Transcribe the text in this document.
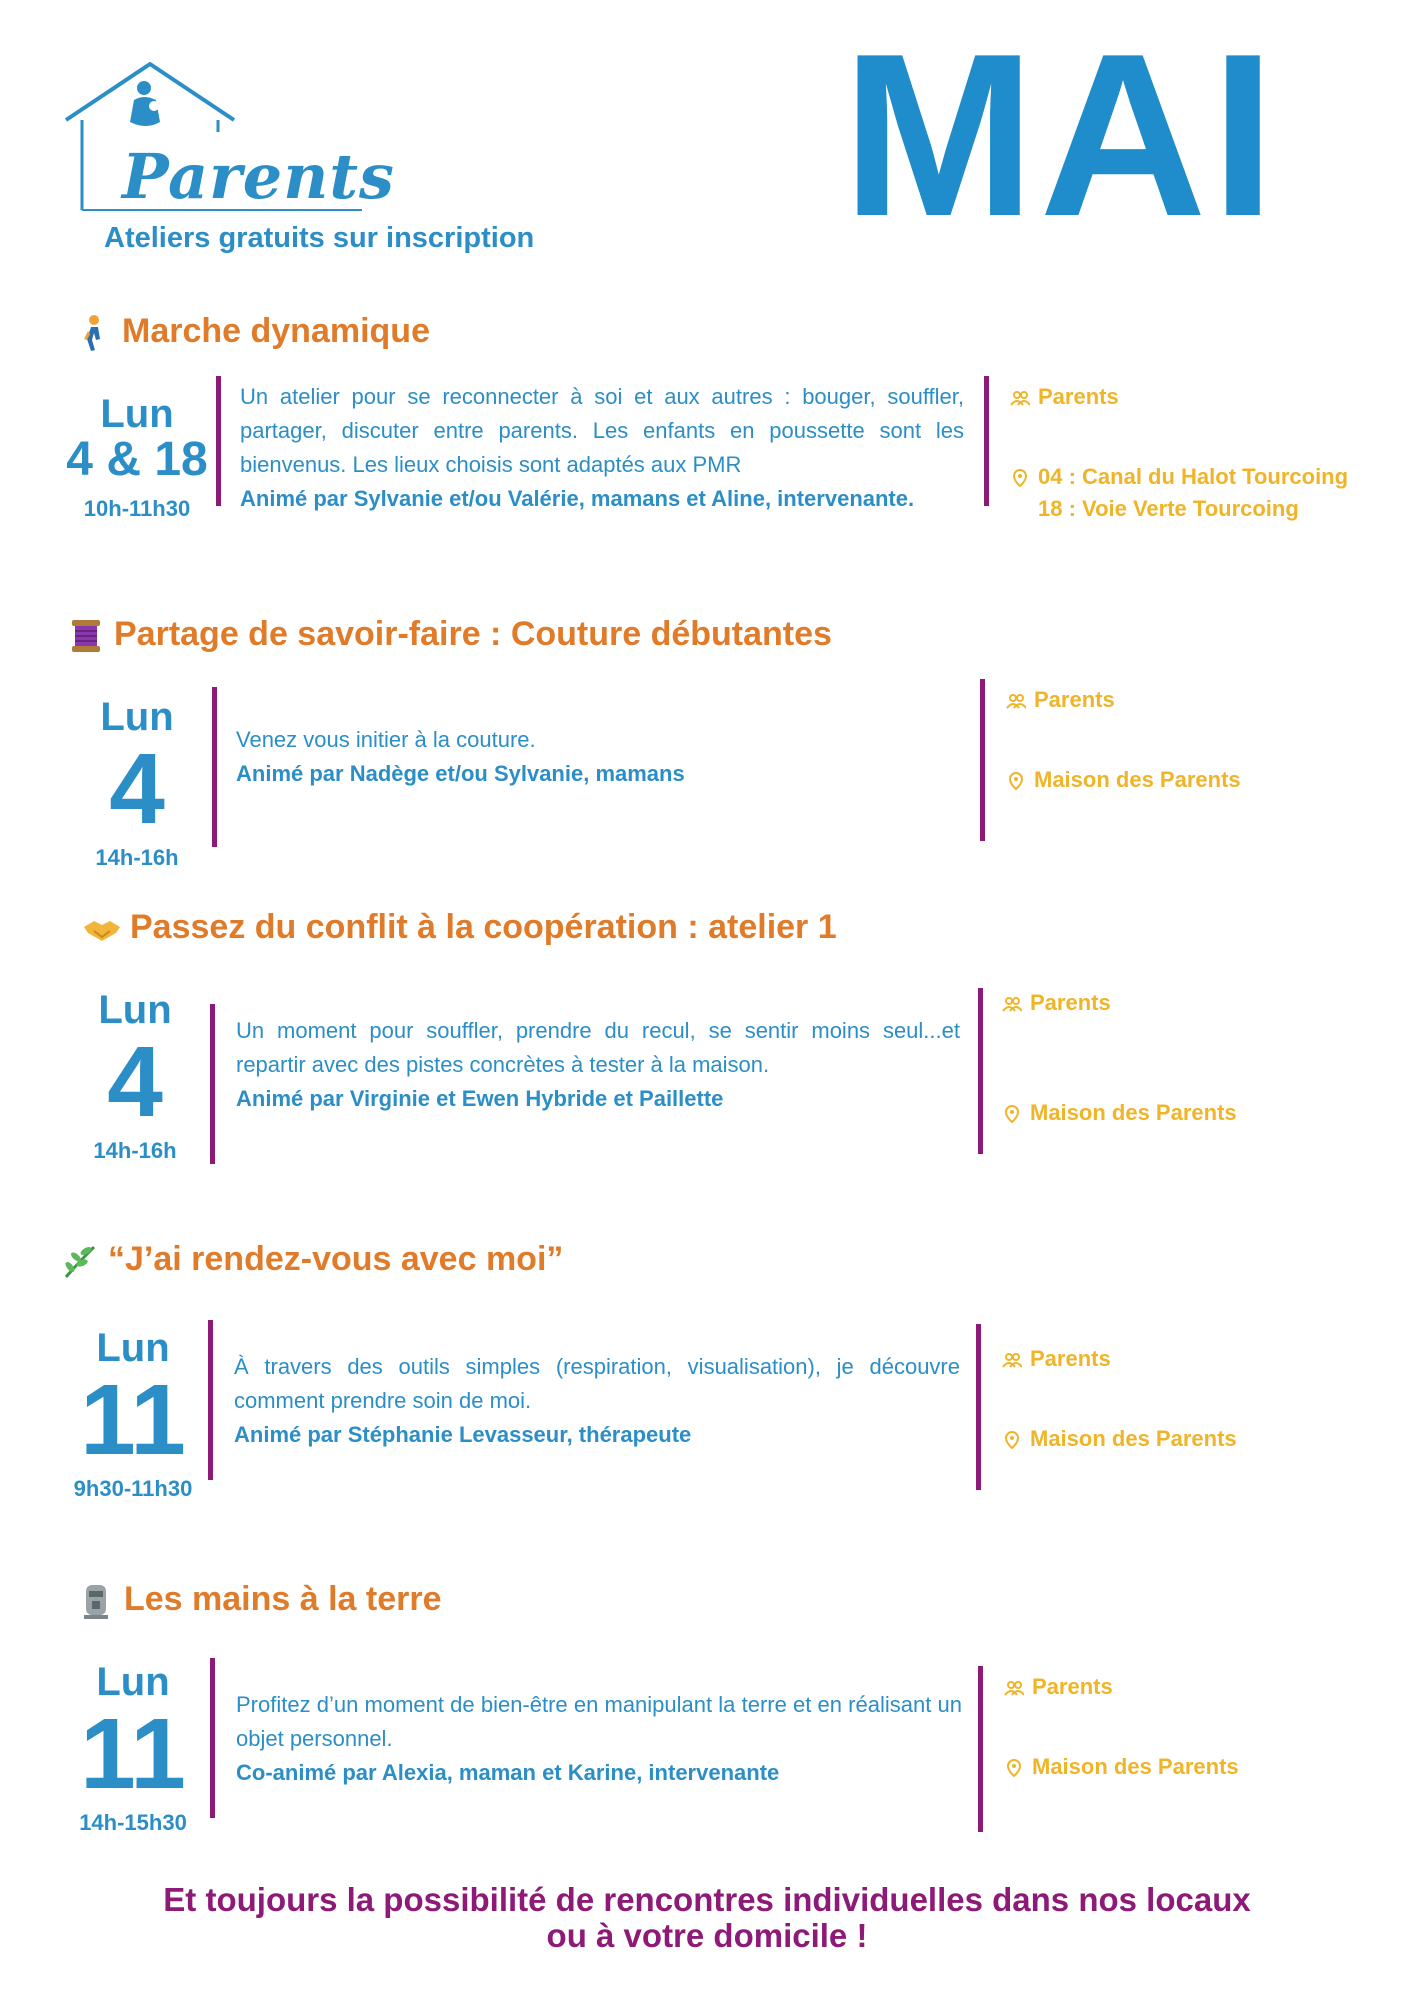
Parents
Ateliers gratuits sur inscription MAI
Marche dynamique
Lun
4 & 18
10h-11h30
Un atelier pour se reconnecter à soi et aux autres : bouger, souffler, partager, discuter entre parents. Les enfants en poussette sont les bienvenus. Les lieux choisis sont adaptés aux PMR
Animé par Sylvanie et/ou Valérie, mamans et Aline, intervenante.
Parents
04 : Canal du Halot Tourcoing
18 : Voie Verte Tourcoing
Partage de savoir-faire : Couture débutantes
Lun
4
14h-16h
Venez vous initier à la couture.
Animé par Nadège et/ou Sylvanie, mamans
Parents
Maison des Parents
Passez du conflit à la coopération : atelier 1
Lun
4
14h-16h
Un moment pour souffler, prendre du recul, se sentir moins seul...et repartir avec des pistes concrètes à tester à la maison.
Animé par Virginie et Ewen Hybride et Paillette
Parents
Maison des Parents
“J’ai rendez-vous avec moi”
Lun
11
9h30-11h30
À travers des outils simples (respiration, visualisation), je découvre comment prendre soin de moi.
Animé par Stéphanie Levasseur, thérapeute
Parents
Maison des Parents
Les mains à la terre
Lun
11
14h-15h30
Profitez d’un moment de bien-être en manipulant la terre et en réalisant un objet personnel.
Co-animé par Alexia, maman et Karine, intervenante
Parents
Maison des Parents
Et toujours la possibilité de rencontres individuelles dans nos locaux
ou à votre domicile !
